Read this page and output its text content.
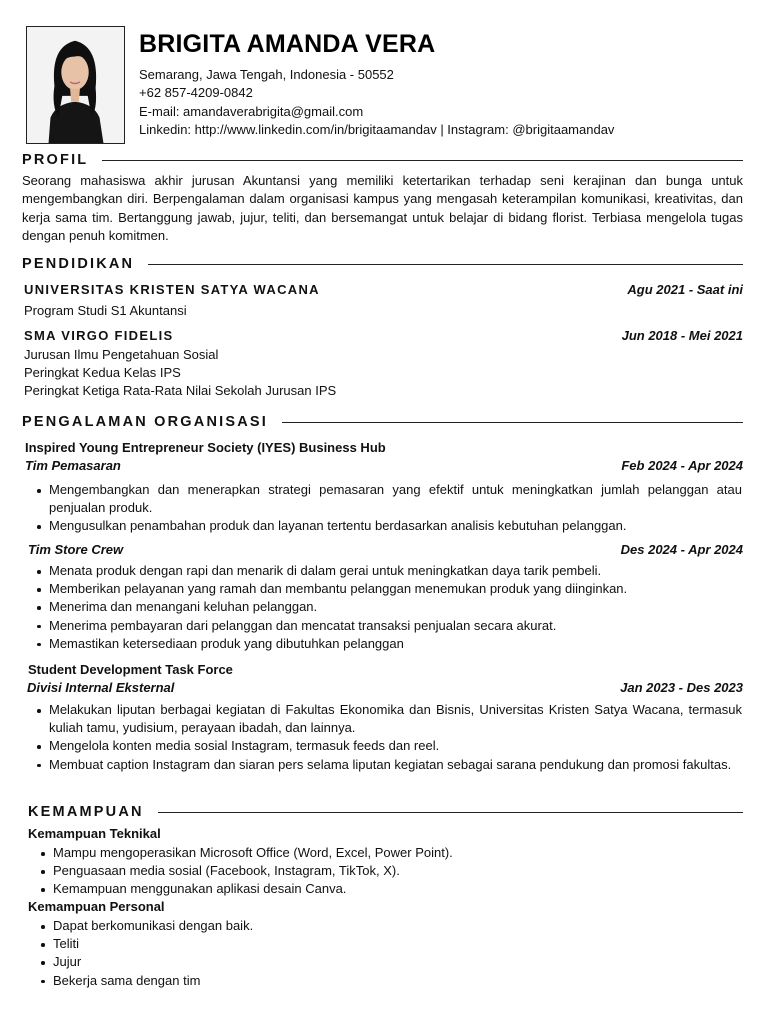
BRIGITA AMANDA VERA
Semarang, Jawa Tengah, Indonesia - 50552
+62 857-4209-0842
E-mail: amandaverabrigita@gmail.com
Linkedin: http://www.linkedin.com/in/brigitaamandav | Instagram: @brigitaamandav
PROFIL
Seorang mahasiswa akhir jurusan Akuntansi yang memiliki ketertarikan terhadap seni kerajinan dan bunga untuk mengembangkan diri. Berpengalaman dalam organisasi kampus yang mengasah keterampilan komunikasi, kreativitas, dan kerja sama tim. Bertanggung jawab, jujur, teliti, dan bersemangat untuk belajar di bidang florist. Terbiasa mengelola tugas dengan penuh komitmen.
PENDIDIKAN
UNIVERSITAS KRISTEN SATYA WACANA	Agu 2021 - Saat ini
Program Studi S1 Akuntansi
SMA VIRGO FIDELIS	Jun 2018 - Mei 2021
Jurusan Ilmu Pengetahuan Sosial
Peringkat Kedua Kelas IPS
Peringkat Ketiga Rata-Rata Nilai Sekolah Jurusan IPS
PENGALAMAN ORGANISASI
Inspired Young Entrepreneur Society (IYES) Business Hub
Tim Pemasaran	Feb 2024 - Apr 2024
Mengembangkan dan menerapkan strategi pemasaran yang efektif untuk meningkatkan jumlah pelanggan atau penjualan produk.
Mengusulkan penambahan produk dan layanan tertentu berdasarkan analisis kebutuhan pelanggan.
Tim Store Crew	Des 2024 - Apr 2024
Menata produk dengan rapi dan menarik di dalam gerai untuk meningkatkan daya tarik pembeli.
Memberikan pelayanan yang ramah dan membantu pelanggan menemukan produk yang diinginkan.
Menerima dan menangani keluhan pelanggan.
Menerima pembayaran dari pelanggan dan mencatat transaksi penjualan secara akurat.
Memastikan ketersediaan produk yang dibutuhkan pelanggan
Student Development Task Force
Divisi Internal Eksternal	Jan 2023 - Des 2023
Melakukan liputan berbagai kegiatan di Fakultas Ekonomika dan Bisnis, Universitas Kristen Satya Wacana, termasuk kuliah tamu, yudisium, perayaan ibadah, dan lainnya.
Mengelola konten media sosial Instagram, termasuk feeds dan reel.
Membuat caption Instagram dan siaran pers selama liputan kegiatan sebagai sarana pendukung dan promosi fakultas.
KEMAMPUAN
Kemampuan Teknikal
Mampu mengoperasikan Microsoft Office (Word, Excel, Power Point).
Penguasaan media sosial (Facebook, Instagram, TikTok, X).
Kemampuan menggunakan aplikasi desain Canva.
Kemampuan Personal
Dapat berkomunikasi dengan baik.
Teliti
Jujur
Bekerja sama dengan tim
